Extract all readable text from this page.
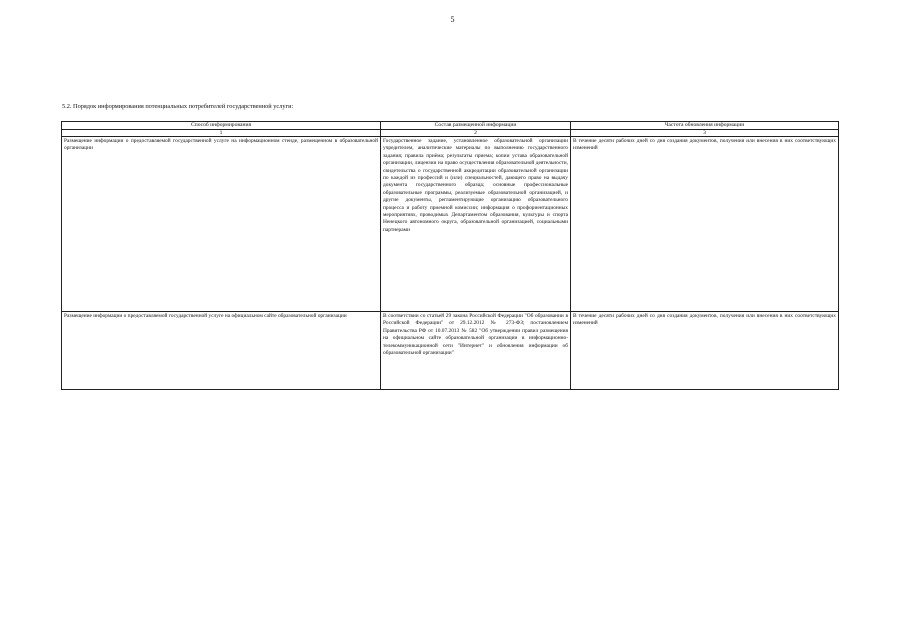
5
5.2. Порядок информирования потенциальных потребителей государственной услуги:
Способ информирования	Состав размещенной информации	Частота обновления информации
1	2	3
Размещение информации о предоставляемой государственной услуге на информационном стенде, размещенном в образовательной организации	Государственное задание, установленное образовательной организации учредителем, аналитические материалы по выполнению государственного задания; правила приёма; результаты приема; копии устава образовательной организации, лицензии на право осуществления образовательной деятельности, свидетельства о государственной аккредитации образовательной организации по каждой из профессий и (или) специальностей, дающего право на выдачу документа государственного образца; основные профессиональные образовательные программы, реализуемые образовательной организацией, и другие документы, регламентирующие организацию образовательного процесса и работу приемной комиссии; информация о профориентационных мероприятиях, проводимых Департаментом образования, культуры и спорта Ненецкого автономного округа, образовательной организацией, социальными партнерами	В течение десяти рабочих дней со дня создания документов, получения или внесения в них соответствующих изменений
Размещение информации о предоставляемой государственной услуге на официальном сайте образовательной организации	В соответствии со статьей 29 закона Российской Федерации "Об образовании в Российской Федерации" от 29.12.2012 № 273-ФЗ; постановлением Правительства РФ от 10.07.2013 № 582 "Об утверждении правил размещения на официальном сайте образовательной организации в информационно-телекоммуникационной сети "Интернет" и обновления информации об образовательной организации"	В течение десяти рабочих дней со дня создания документов, получения или внесения в них соответствующих изменений
